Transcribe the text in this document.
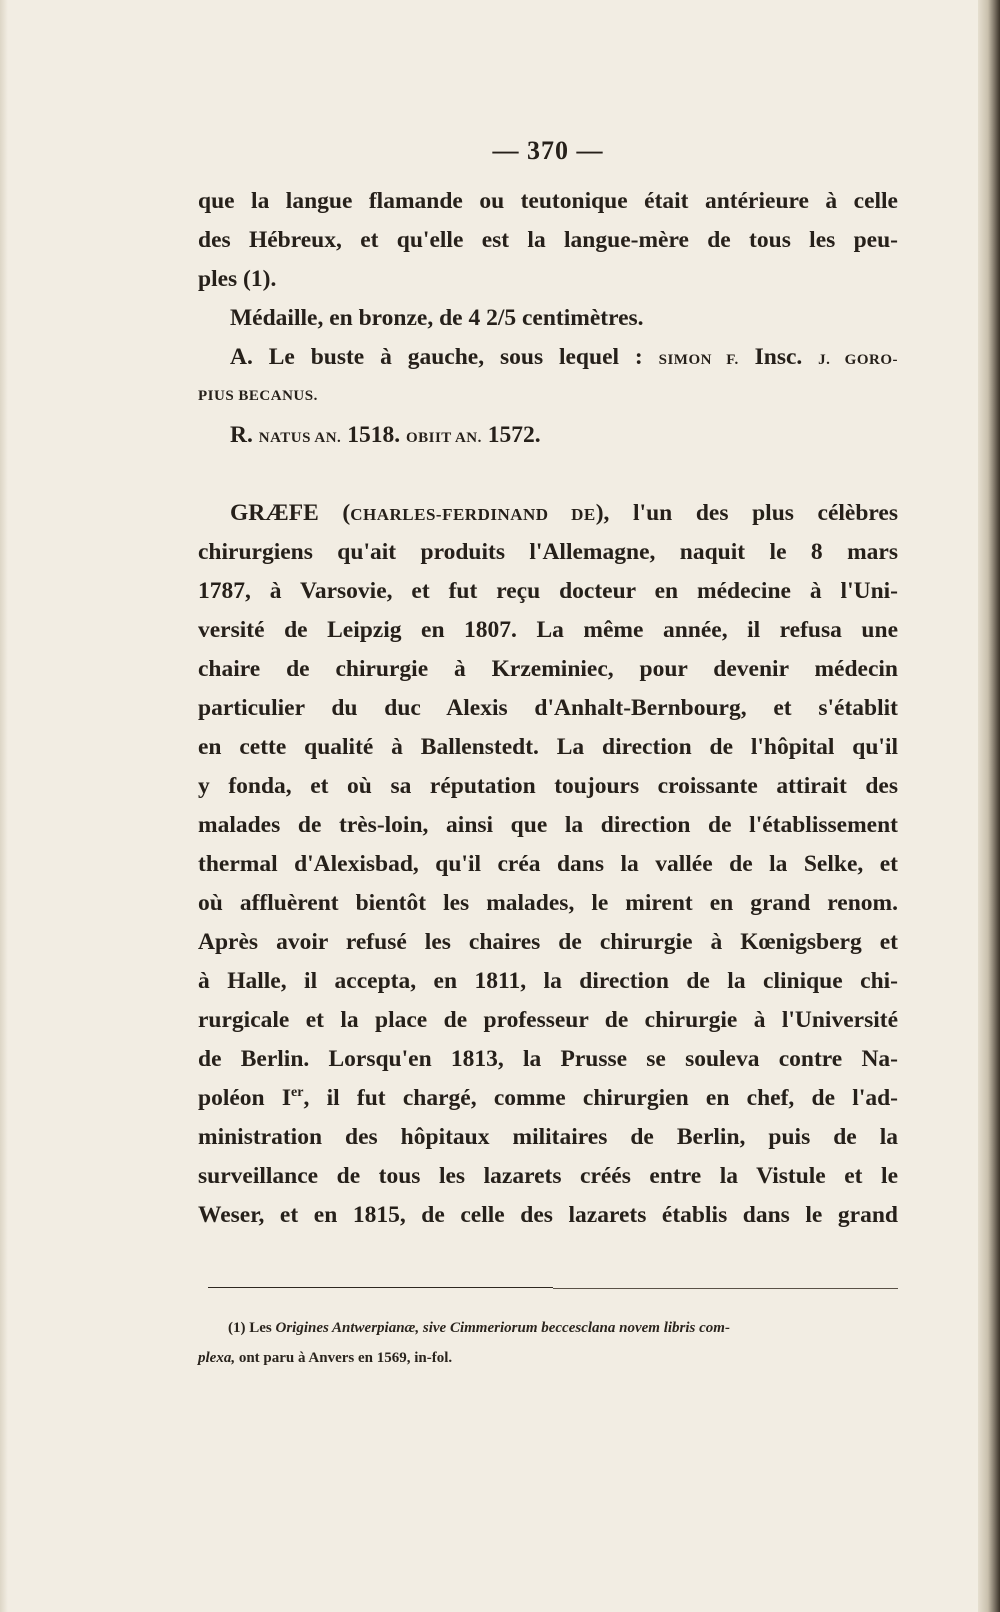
— 370 —
que la langue flamande ou teutonique était antérieure à celle
des Hébreux, et qu'elle est la langue-mère de tous les peu-
ples (1).
Médaille, en bronze, de 4 2/5 centimètres.
A. Le buste à gauche, sous lequel : SIMON F. Insc. J. GORO-
PIUS BECANUS.
R. NATUS AN. 1518. OBIIT AN. 1572.
GRÆFE (CHARLES-FERDINAND DE), l'un des plus célèbres
chirurgiens qu'ait produits l'Allemagne, naquit le 8 mars
1787, à Varsovie, et fut reçu docteur en médecine à l'Uni-
versité de Leipzig en 1807. La même année, il refusa une
chaire de chirurgie à Krzeminiec, pour devenir médecin
particulier du duc Alexis d'Anhalt-Bernbourg, et s'établit
en cette qualité à Ballenstedt. La direction de l'hôpital qu'il
y fonda, et où sa réputation toujours croissante attirait des
malades de très-loin, ainsi que la direction de l'établissement
thermal d'Alexisbad, qu'il créa dans la vallée de la Selke, et
où affluèrent bientôt les malades, le mirent en grand renom.
Après avoir refusé les chaires de chirurgie à Kœnigsberg et
à Halle, il accepta, en 1811, la direction de la clinique chi-
rurgicale et la place de professeur de chirurgie à l'Université
de Berlin. Lorsqu'en 1813, la Prusse se souleva contre Na-
poléon Ier, il fut chargé, comme chirurgien en chef, de l'ad-
ministration des hôpitaux militaires de Berlin, puis de la
surveillance de tous les lazarets créés entre la Vistule et le
Weser, et en 1815, de celle des lazarets établis dans le grand
(1) Les Origines Antwerpianæ, sive Cimmeriorum beccesclana novem libris com-
plexa, ont paru à Anvers en 1569, in-fol.
